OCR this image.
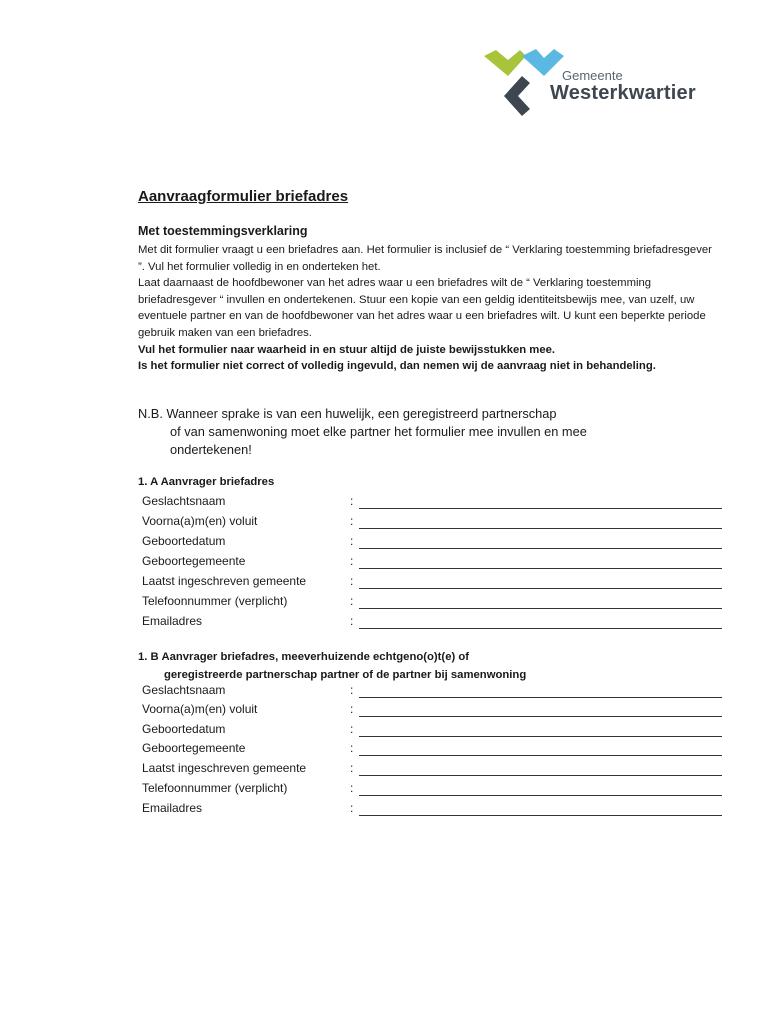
Gemeente
Westerkwartier
Aanvraagformulier briefadres
Met toestemmingsverklaring

Met dit formulier vraagt u een briefadres aan. Het formulier is inclusief de “ Verklaring toestemming briefadresgever ”. Vul het formulier volledig in en onderteken het.

Laat daarnaast de hoofdbewoner van het adres waar u een briefadres wilt de “ Verklaring toestemming briefadresgever “ invullen en ondertekenen. Stuur een kopie van een geldig identiteitsbewijs mee, van uzelf, uw eventuele partner en van de hoofdbewoner van het adres waar u een briefadres wilt. U kunt een beperkte periode gebruik maken van een briefadres.

Vul het formulier naar waarheid in en stuur altijd de juiste bewijsstukken mee.

Is het formulier niet correct of volledig ingevuld, dan nemen wij de aanvraag niet in behandeling.

N.B. Wanneer sprake is van een huwelijk, een geregistreerd partnerschap

of van samenwoning moet elke partner het formulier mee invullen en mee ondertekenen!

1. A Aanvrager briefadres
Geslachtsnaam	:
Voorna(a)m(en) voluit	:
Geboortedatum	:
Geboortegemeente	:
Laatst ingeschreven gemeente	:
Telefoonnummer (verplicht)	:
Emailadres	:
1. B Aanvrager briefadres, meeverhuizende echtgeno(o)t(e) of
geregistreerde partnerschap partner of de partner bij samenwoning
Geslachtsnaam	:
Voorna(a)m(en) voluit	:
Geboortedatum	:
Geboortegemeente	:
Laatst ingeschreven gemeente	:
Telefoonnummer (verplicht)	:
Emailadres	:
